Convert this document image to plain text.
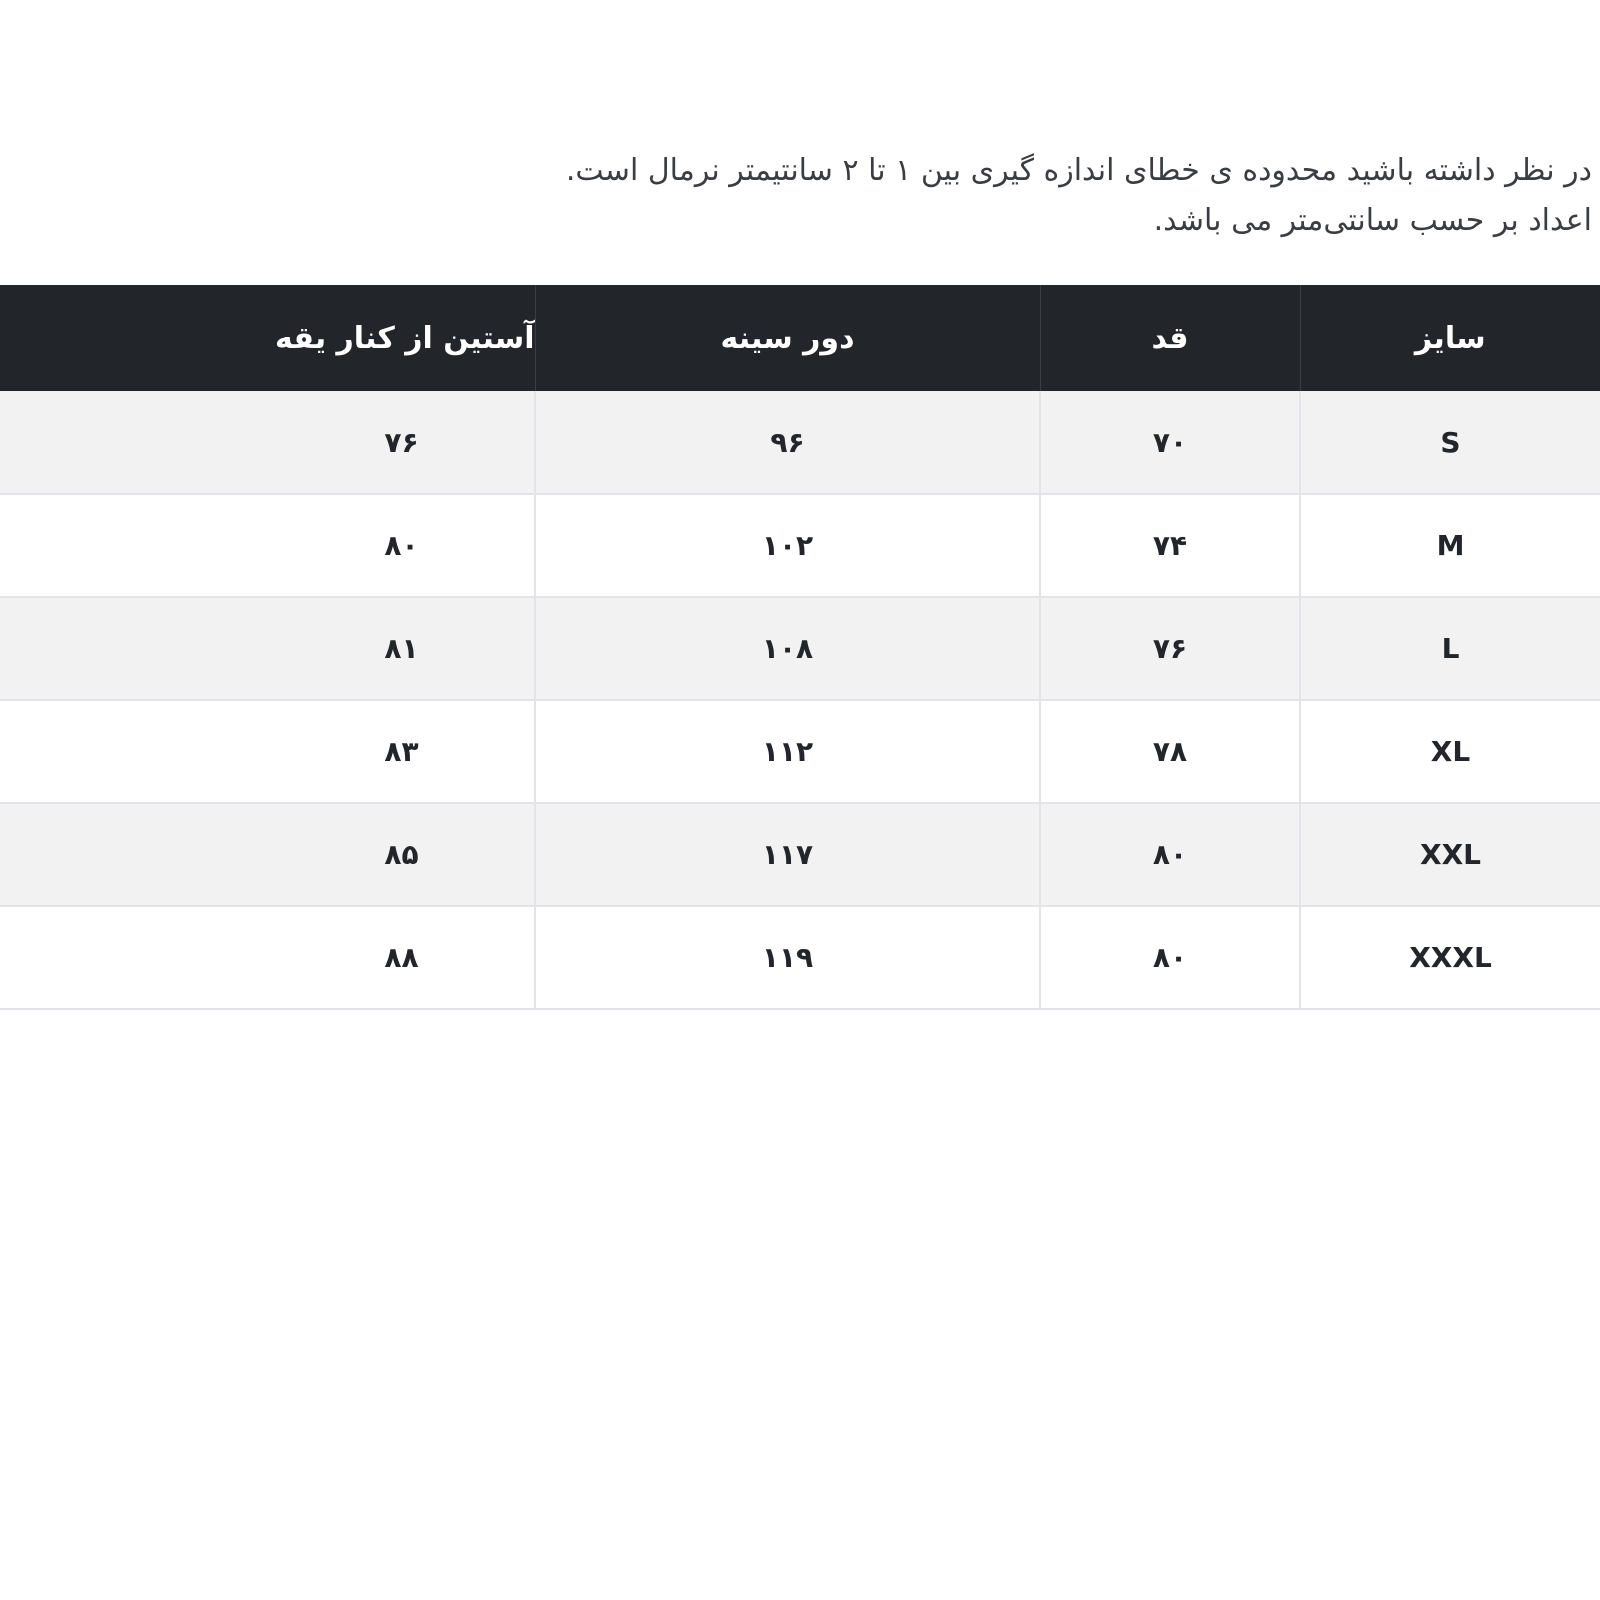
در نظر داشته باشید محدوده ی خطای اندازه گیری بین ۱ تا ۲ سانتیمتر نرمال است.

اعداد بر حسب سانتی‌متر می باشد.

سایز	قد	دور سینه	آستین از کنار یقه
S	۷۰	۹۶	۷۶
M	۷۴	۱۰۲	۸۰
L	۷۶	۱۰۸	۸۱
XL	۷۸	۱۱۲	۸۳
XXL	۸۰	۱۱۷	۸۵
XXXL	۸۰	۱۱۹	۸۸
